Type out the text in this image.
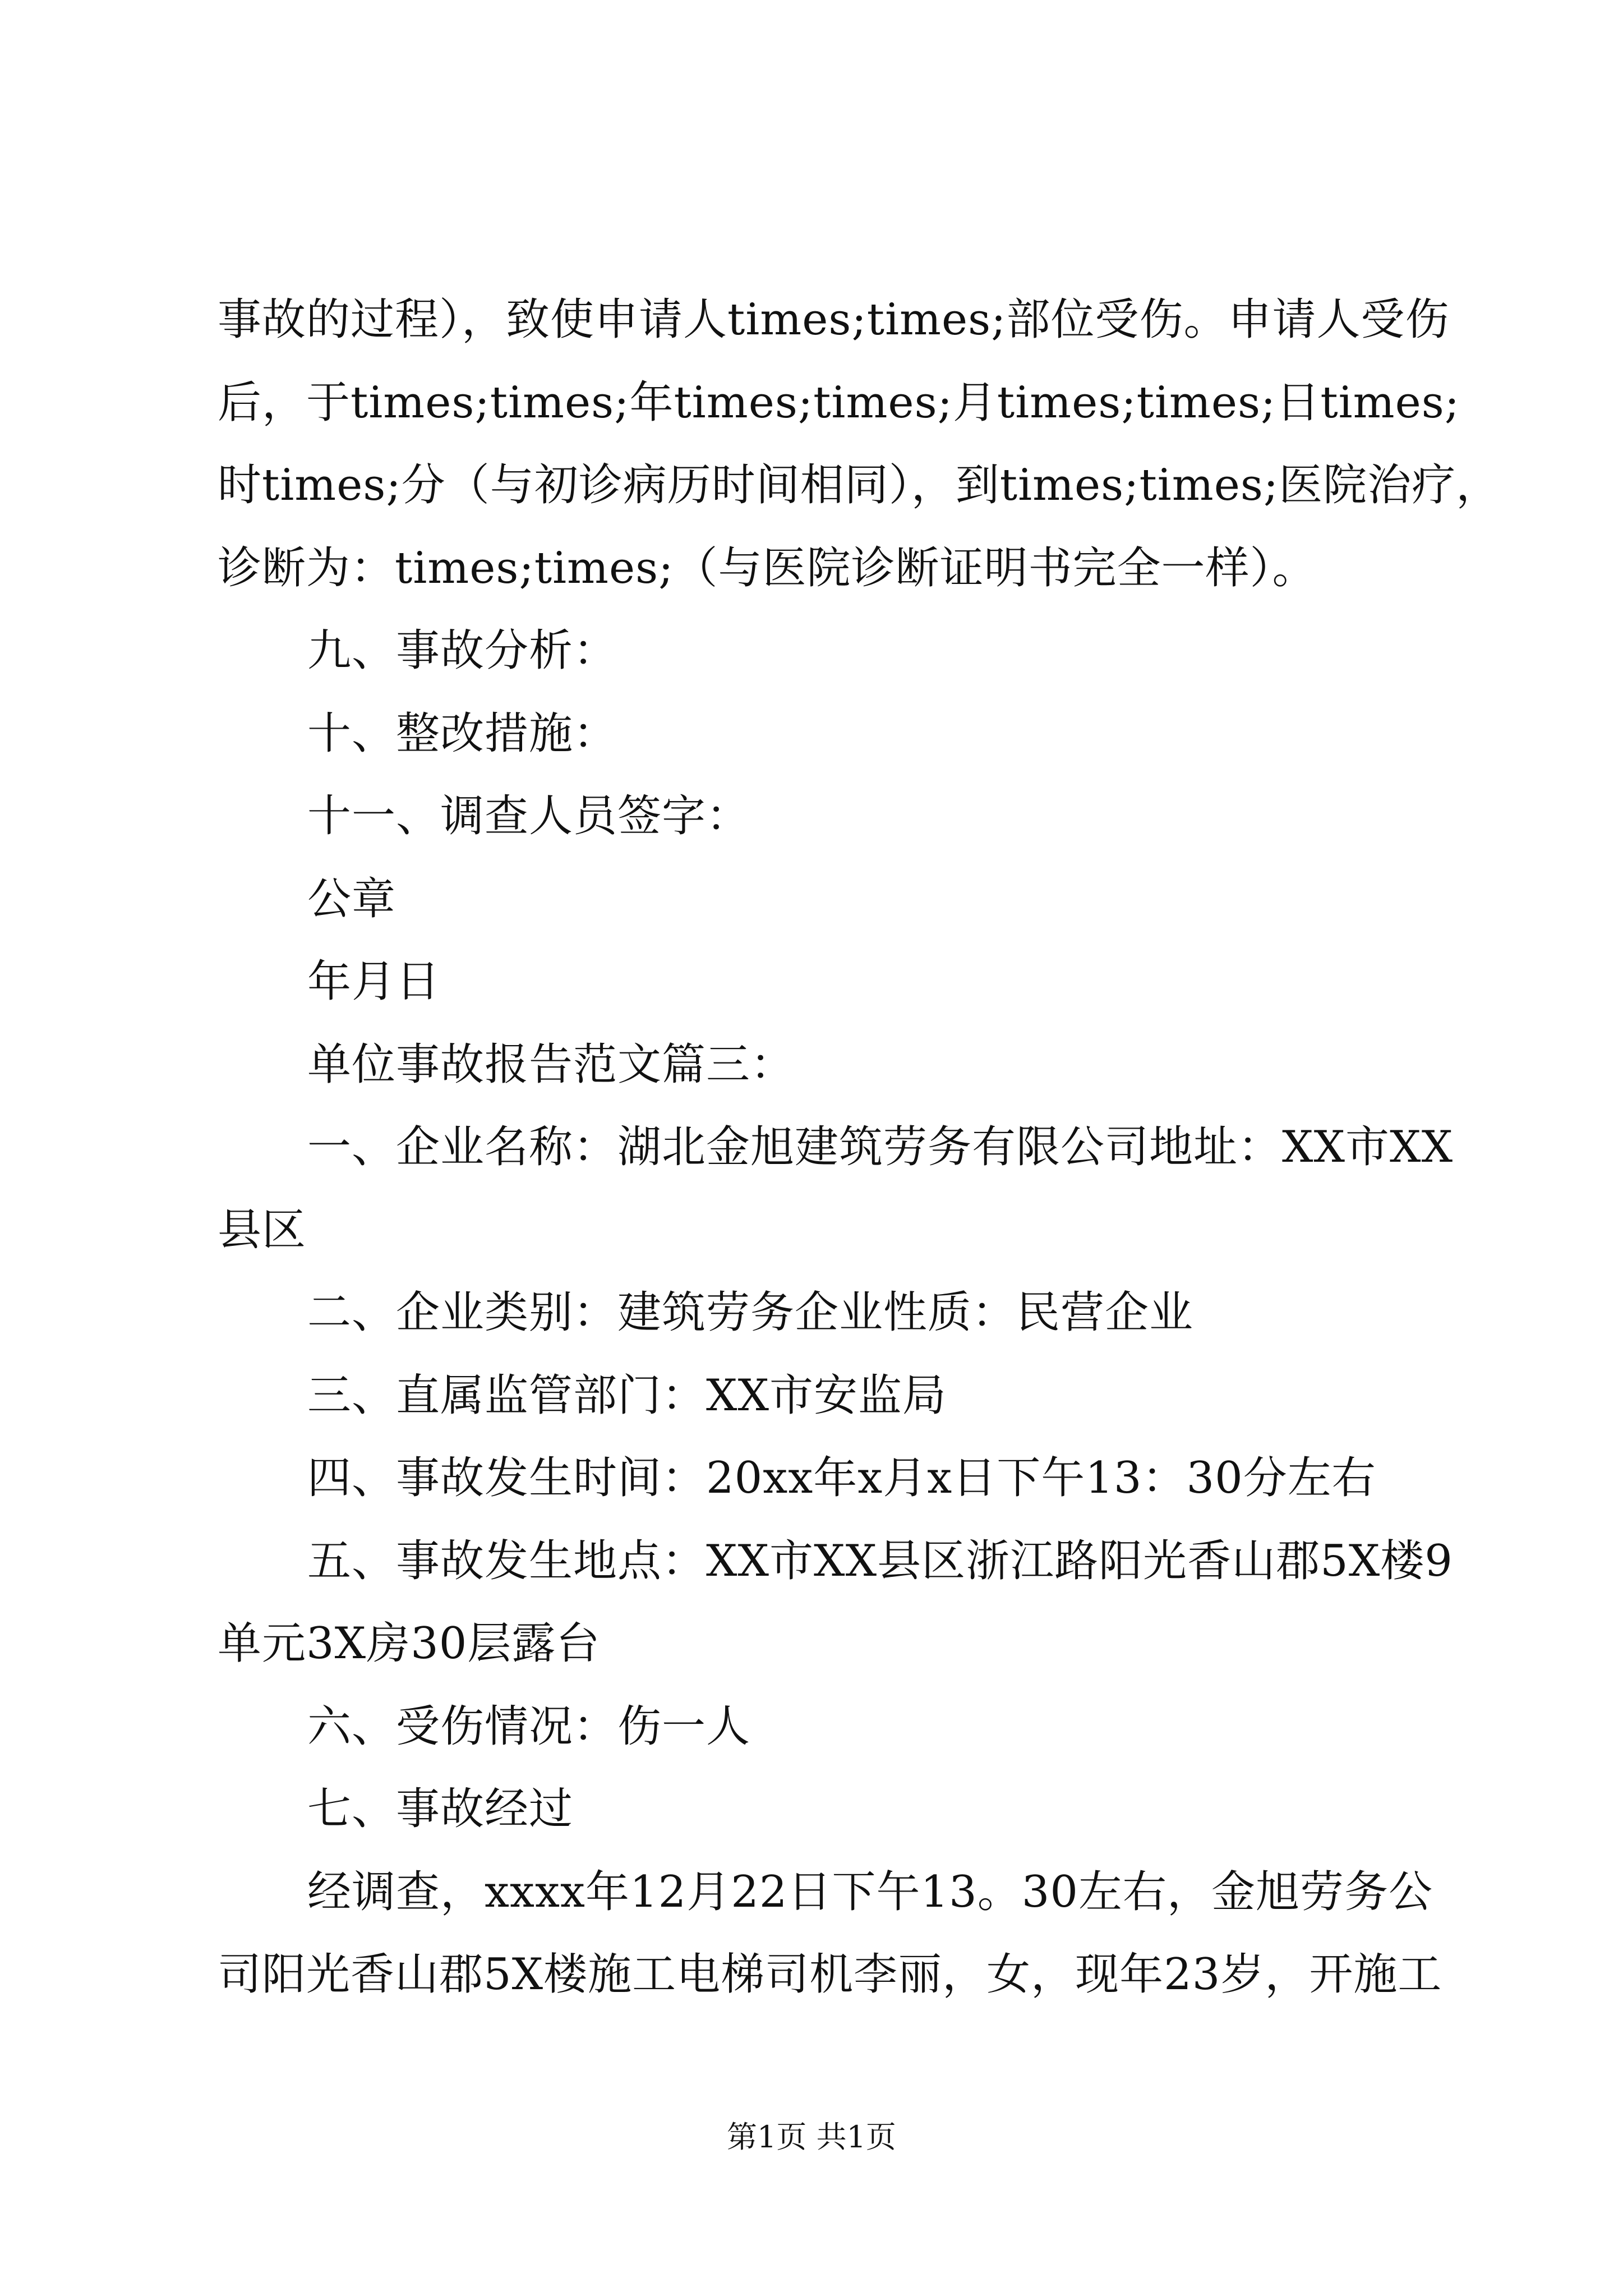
事故的过程），致使申请人times;times;部位受伤。申请人受伤
后，于times;times;年times;times;月times;times;日times;
时times;分（与初诊病历时间相同），到times;times;医院治疗，
诊断为：times;times;（与医院诊断证明书完全一样）。
九、事故分析：
十、整改措施：
十一、调查人员签字：
公章
年月日
单位事故报告范文篇三：
一、企业名称：湖北金旭建筑劳务有限公司地址：XX市XX
县区
二、企业类别：建筑劳务企业性质：民营企业
三、直属监管部门：XX市安监局
四、事故发生时间：20xx年x月x日下午13：30分左右
五、事故发生地点：XX市XX县区浙江路阳光香山郡5X楼9
单元3X房30层露台
六、受伤情况：伤一人
七、事故经过
经调查，xxxx年12月22日下午13。30左右，金旭劳务公
司阳光香山郡5X楼施工电梯司机李丽，女，现年23岁，开施工
第1页 共1页
